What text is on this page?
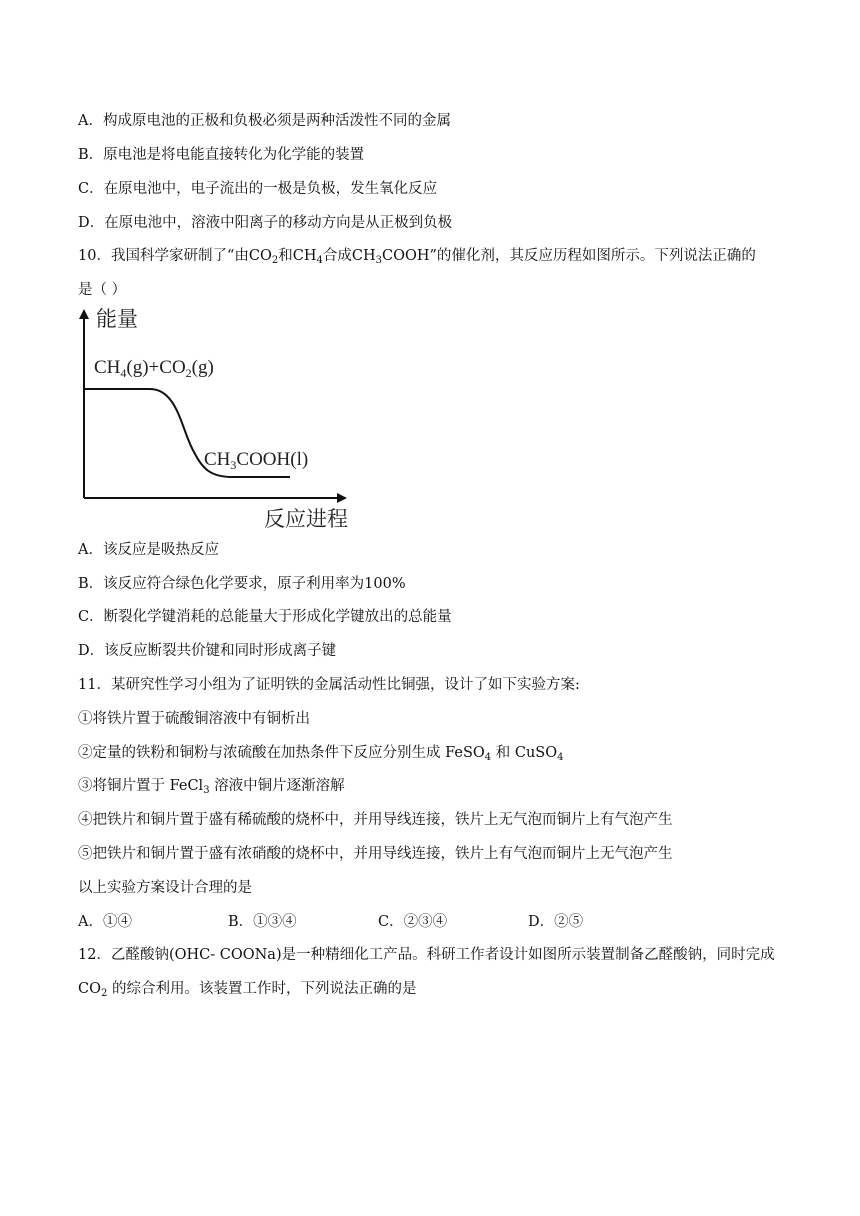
A．构成原电池的正极和负极必须是两种活泼性不同的金属
B．原电池是将电能直接转化为化学能的装置
C．在原电池中，电子流出的一极是负极，发生氧化反应
D．在原电池中，溶液中阳离子的移动方向是从正极到负极
10．我国科学家研制了“由$CO_2$和$CH_4$合成$CH_3COOH$”的催化剂，其反应历程如图所示。下列说法正确的
是（ ）
能量
反应进程
$CH_4(g)+CO_2(g)$
$CH_3COOH(l)$
A．该反应是吸热反应
B．该反应符合绿色化学要求，原子利用率为100%
C．断裂化学键消耗的总能量大于形成化学键放出的总能量
D．该反应断裂共价键和同时形成离子键
11．某研究性学习小组为了证明铁的金属活动性比铜强，设计了如下实验方案:
①将铁片置于硫酸铜溶液中有铜析出
②定量的铁粉和铜粉与浓硫酸在加热条件下反应分别生成 FeSO$_4$ 和 CuSO$_4$
③将铜片置于 FeCl$_3$ 溶液中铜片逐渐溶解
④把铁片和铜片置于盛有稀硫酸的烧杯中，并用导线连接，铁片上无气泡而铜片上有气泡产生
⑤把铁片和铜片置于盛有浓硝酸的烧杯中，并用导线连接，铁片上有气泡而铜片上无气泡产生
以上实验方案设计合理的是
A．①④	B．①③④	C．②③④	D．②⑤
12．乙醛酸钠(OHC- COONa)是一种精细化工产品。科研工作者设计如图所示装置制备乙醛酸钠，同时完成
$CO_2$ 的综合利用。该装置工作时，下列说法正确的是
